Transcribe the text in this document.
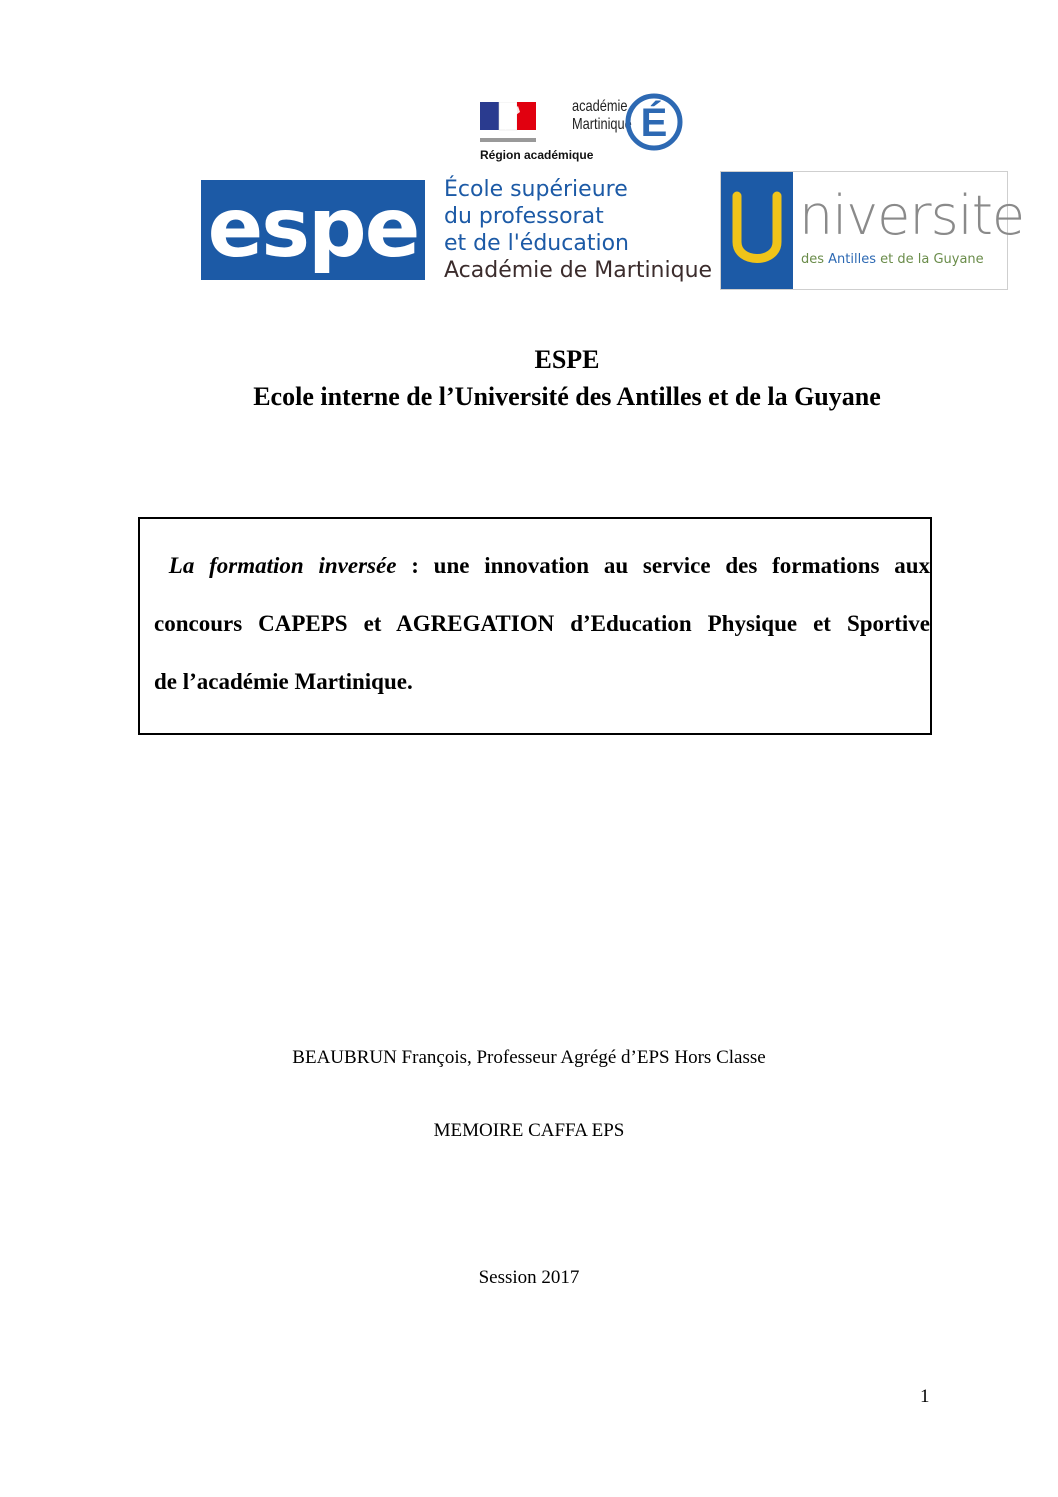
Région académique
académie
Martinique É
espe École supérieure
du professorat
et de l'éducation
Académie de Martinique
U
niversite
des Antilles et de la Guyane
ESPE
Ecole interne de l’Université des Antilles et de la Guyane
La formation inversée : une innovation au service des formations aux
concours CAPEPS et AGREGATION d’Education Physique et Sportive
de l’académie Martinique.
BEAUBRUN François, Professeur Agrégé d’EPS Hors Classe
MEMOIRE CAFFA EPS
Session 2017
1
